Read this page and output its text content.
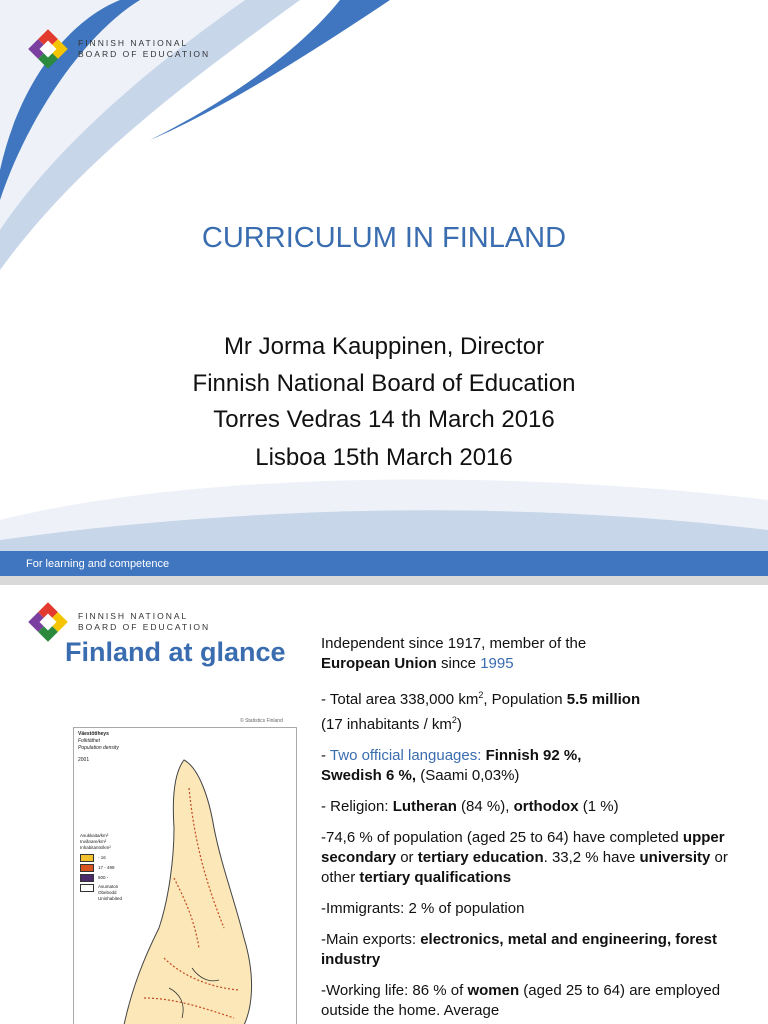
FINNISH NATIONAL
BOARD OF EDUCATION
CURRICULUM IN FINLAND
Mr Jorma Kauppinen, Director
Finnish National Board of Education
Torres Vedras 14 th March 2016
Lisboa 15th March 2016
For learning and competence
FINNISH NATIONAL
BOARD OF EDUCATION
Finland at glance
© Statistics Finland
Väestötiheys
Folktäthet
Population density
2001
Asukkaita/km²
Invånare/km²
Inhabitants/km²
- 16
17 - 499
500 -
Asumaton Obebodd Uninhabited

Independent since 1917, member of the
European Union since 1995

- Total area 338,000 $km^2$, Population 5.5 million
(17 inhabitants / $km^2$)

- Two official languages: Finnish 92 %,
Swedish 6 %, (Saami 0,03%)

- Religion: Lutheran (84 %), orthodox (1 %)

-74,6 % of population (aged 25 to 64) have completed upper secondary or tertiary education. 33,2 % have university or other tertiary qualifications

-Immigrants: 2 % of population

-Main exports: electronics, metal and engineering, forest industry

-Working life: 86 % of women (aged 25 to 64) are employed outside the home. Average
